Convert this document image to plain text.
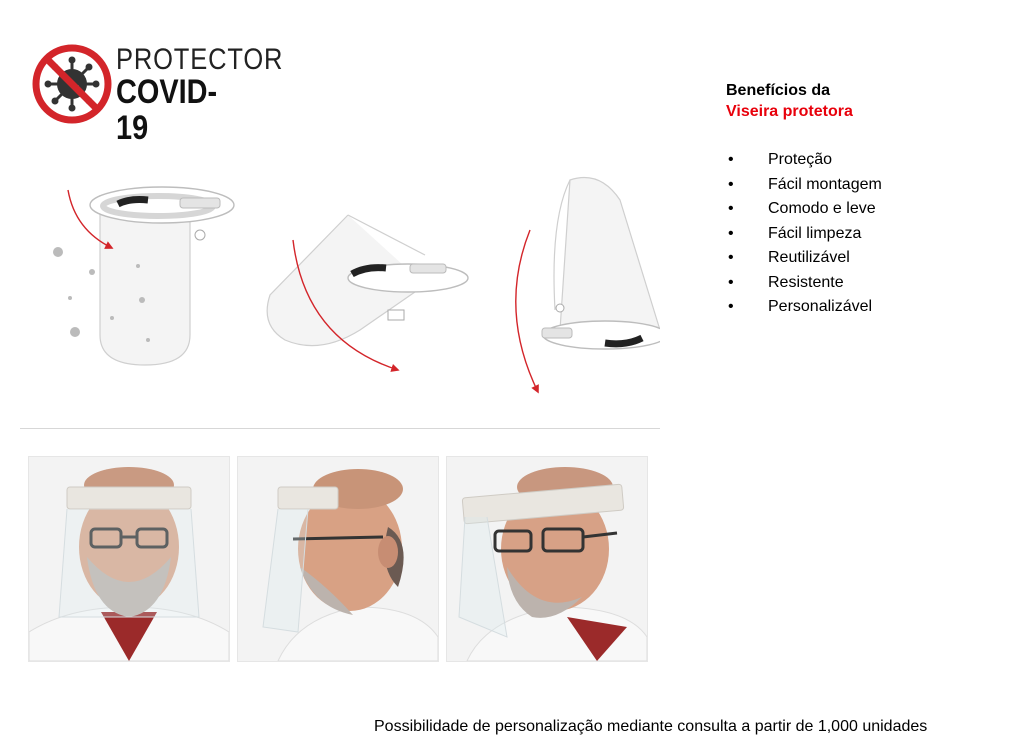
PROTECTOR
COVID-19

Benefícios da

Viseira protetora

• Proteção
• Fácil montagem
• Comodo e leve
• Fácil limpeza
• Reutilizável
• Resistente
• Personalizável
Possibilidade de personalização mediante consulta a partir de 1,000 unidades
